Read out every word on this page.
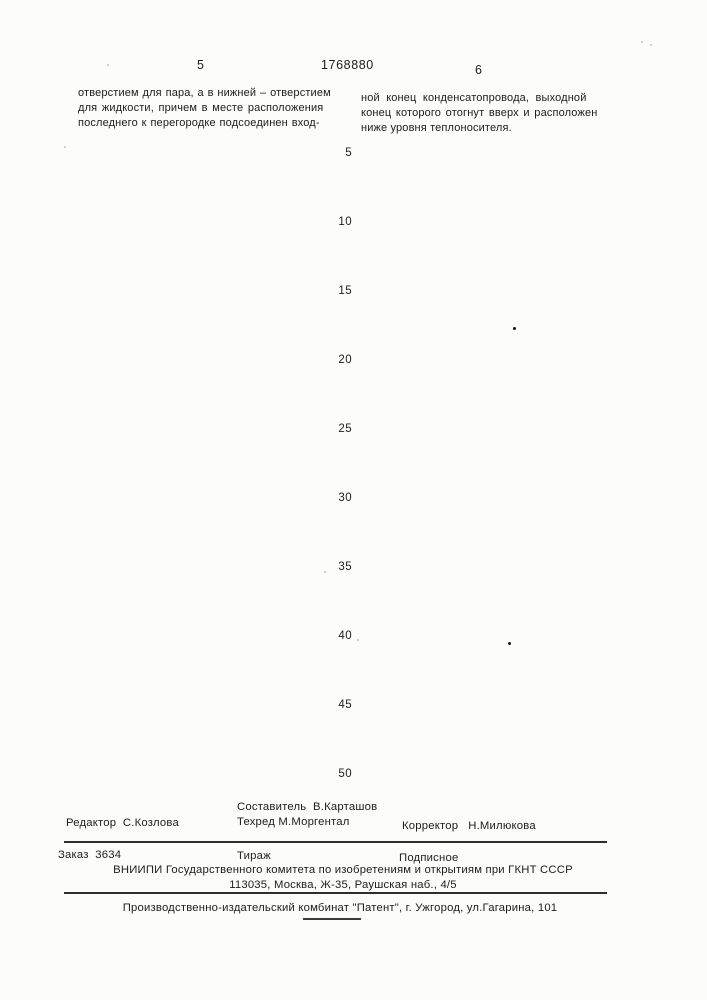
5	1768880	6
отверстием для пара, а в нижней – отверстием
для жидкости, причем в месте расположения
последнего к перегородке подсоединен вход-
ной конец конденсатопровода, выходной
конец которого отогнут вверх и расположен
ниже уровня теплоносителя.
5
10
15
20
25
30
35
40
45
50
Составитель  В.Карташов
Редактор  С.Козлова	Техред М.Моргентал	Корректор   Н.Милюкова
Заказ  3634	Тираж	Подписное
ВНИИПИ Государственного комитета по изобретениям и открытиям при ГКНТ СССР
113035, Москва, Ж-35, Раушская наб., 4/5
Производственно-издательский комбинат "Патент", г. Ужгород, ул.Гагарина, 101
